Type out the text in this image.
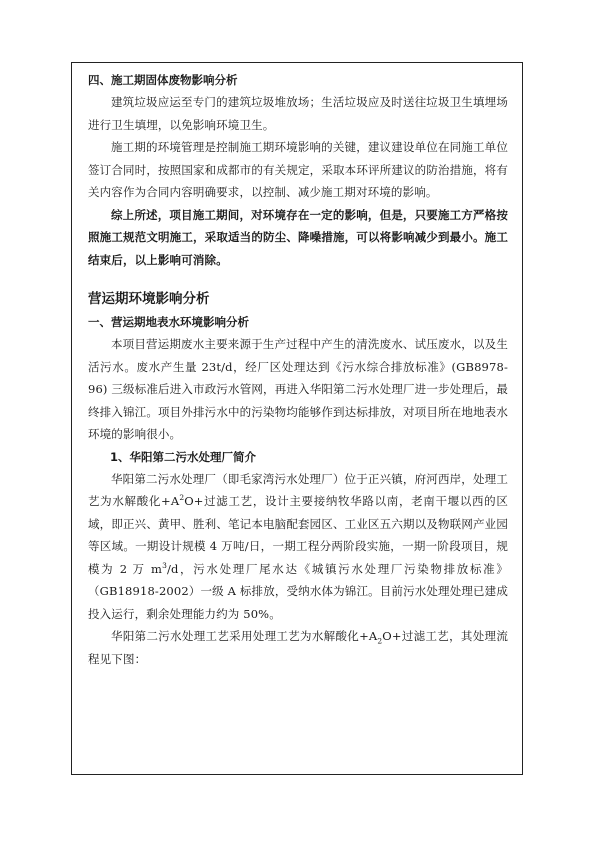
四、施工期固体废物影响分析

建筑垃圾应运至专门的建筑垃圾堆放场；生活垃圾应及时送往垃圾卫生填埋场进行卫生填埋，以免影响环境卫生。

施工期的环境管理是控制施工期环境影响的关键，建议建设单位在同施工单位签订合同时，按照国家和成都市的有关规定，采取本环评所建议的防治措施，将有关内容作为合同内容明确要求，以控制、减少施工期对环境的影响。

综上所述，项目施工期间，对环境存在一定的影响，但是，只要施工方严格按照施工规范文明施工，采取适当的防尘、降噪措施，可以将影响减少到最小。施工结束后，以上影响可消除。

营运期环境影响分析
一、营运期地表水环境影响分析

本项目营运期废水主要来源于生产过程中产生的清洗废水、试压废水，以及生活污水。废水产生量 23t/d，经厂区处理达到《污水综合排放标准》(GB8978-96) 三级标准后进入市政污水管网，再进入华阳第二污水处理厂进一步处理后，最终排入锦江。项目外排污水中的污染物均能够作到达标排放，对项目所在地地表水环境的影响很小。

1、华阳第二污水处理厂简介

华阳第二污水处理厂（即毛家湾污水处理厂）位于正兴镇，府河西岸，处理工艺为水解酸化$+A^2O+$过滤工艺，设计主要接纳牧华路以南，老南干堰以西的区域，即正兴、黄甲、胜利、笔记本电脑配套园区、工业区五六期以及物联网产业园等区域。一期设计规模 4 万吨/日，一期工程分两阶段实施，一期一阶段项目，规模为 2 万 $m^3/d$，污水处理厂尾水达《城镇污水处理厂污染物排放标准》（GB18918-2002）一级 A 标排放，受纳水体为锦江。目前污水处理处理已建成投入运行，剩余处理能力约为 50%。

华阳第二污水处理工艺采用处理工艺为水解酸化$+A_2O+$过滤工艺，其处理流程见下图：
